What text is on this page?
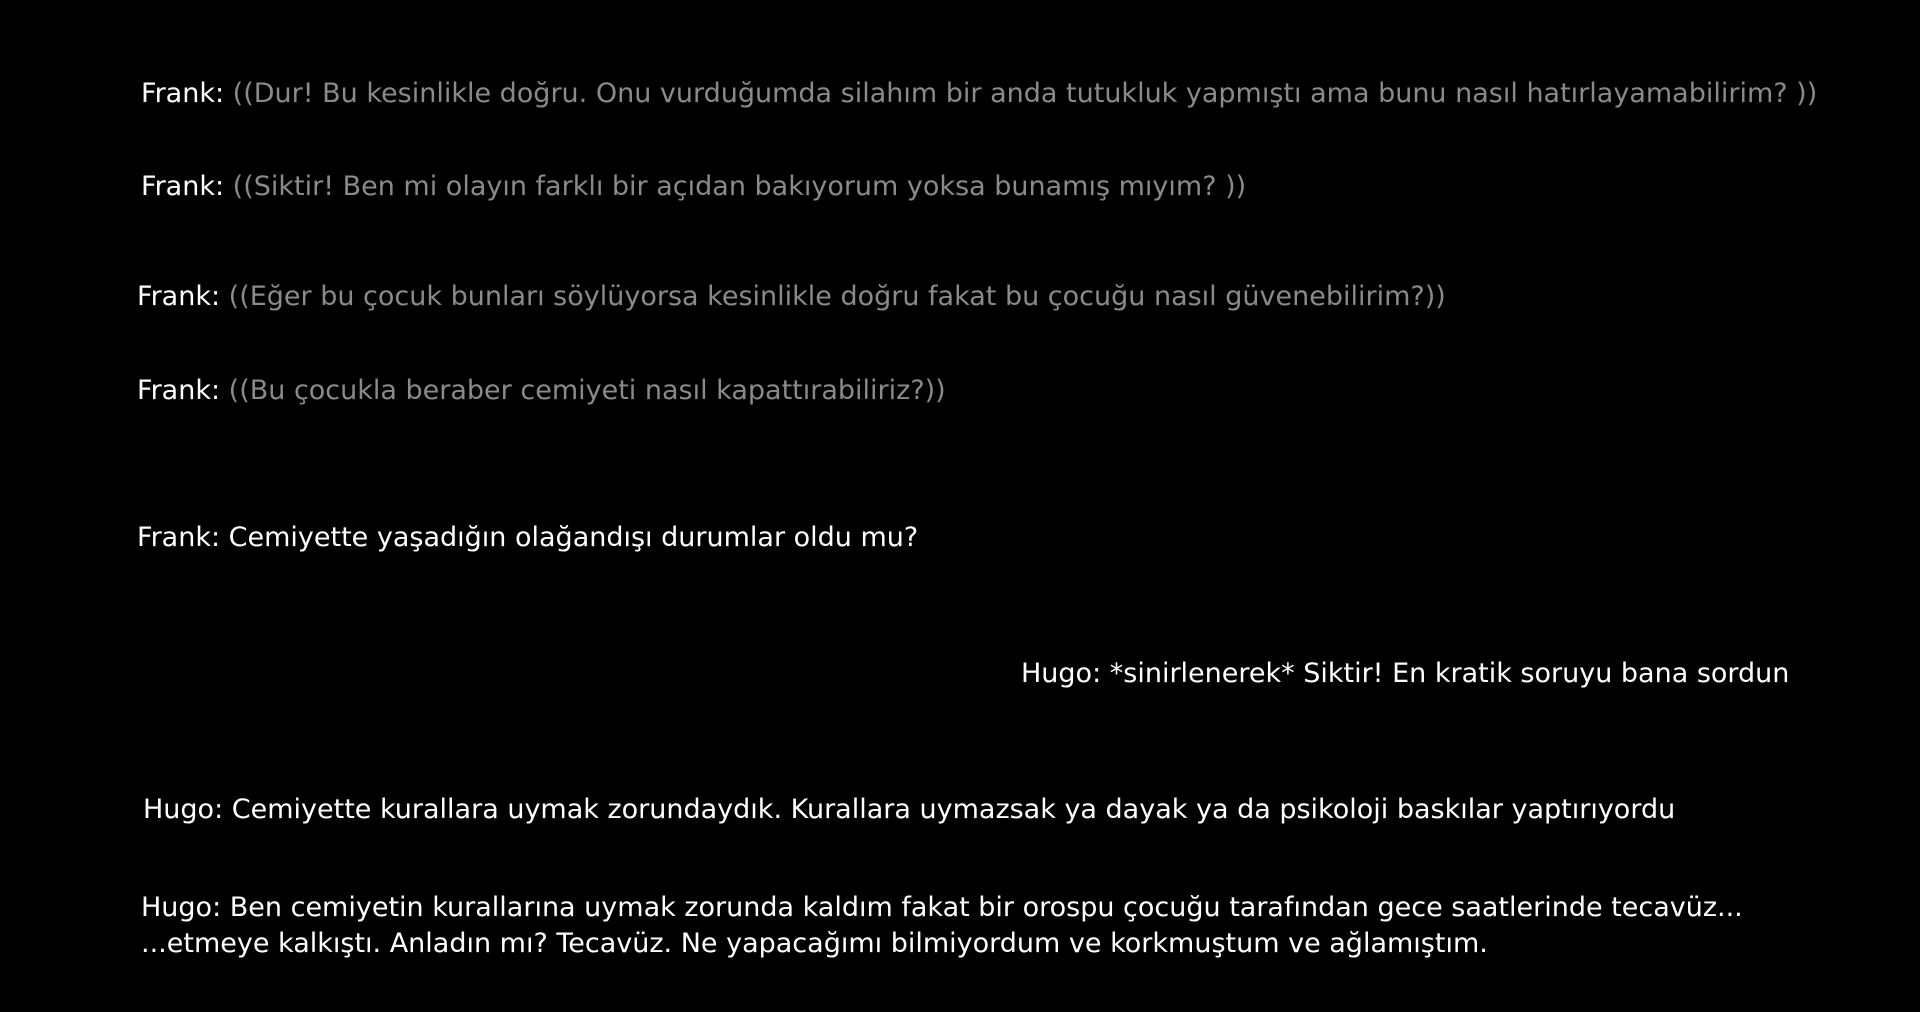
Frank: ((Dur! Bu kesinlikle doğru. Onu vurduğumda silahım bir anda tutukluk yapmıştı ama bunu nasıl hatırlayamabilirim? ))
Frank: ((Siktir! Ben mi olayın farklı bir açıdan bakıyorum yoksa bunamış mıyım? ))
Frank: ((Eğer bu çocuk bunları söylüyorsa kesinlikle doğru fakat bu çocuğu nasıl güvenebilirim?))
Frank: ((Bu çocukla beraber cemiyeti nasıl kapattırabiliriz?))
Frank: Cemiyette yaşadığın olağandışı durumlar oldu mu?
Hugo: *sinirlenerek* Siktir! En kratik soruyu bana sordun
Hugo: Cemiyette kurallara uymak zorundaydık. Kurallara uymazsak ya dayak ya da psikoloji baskılar yaptırıyordu
Hugo: Ben cemiyetin kurallarına uymak zorunda kaldım fakat bir orospu çocuğu tarafından gece saatlerinde tecavüz...
...etmeye kalkıştı. Anladın mı? Tecavüz. Ne yapacağımı bilmiyordum ve korkmuştum ve ağlamıştım.
